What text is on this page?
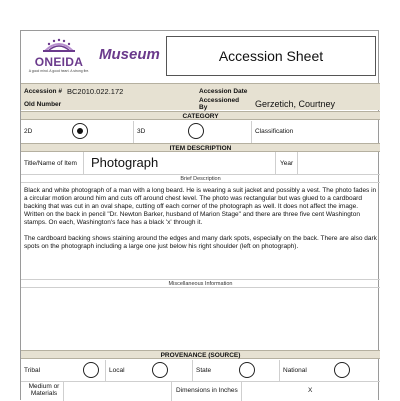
ONEIDA
A good mind. A good heart. A strong fire.
Museum	Accession Sheet
Accession # BC2010.022.172	Accession Date
Old Number
Accessioned By	Gerzetich, Courtney
CATEGORY
2D	3D	Classification
ITEM DESCRIPTION
Title/Name of Item Photograph	Year
Brief Description

Black and white photograph of a man with a long beard. He is wearing a suit jacket and possibly a vest. The photo fades in a circular motion around him and cuts off around chest level. The photo was rectangular but was glued to a cardboard backing that was cut in an oval shape, cutting off each corner of the photograph as well. It does not affect the image. Written on the back in pencil "Dr. Newton Barker, husband of Marion Stage" and there are three five cent Washington stamps. On each, Washington's face has a black 'x' through it.

The cardboard backing shows staining around the edges and many dark spots, especially on the back. There are also dark spots on the photograph including a large one just below his right shoulder (left on photograph).

Miscellaneous Information
PROVENANCE (SOURCE)
Tribal	Local	State	National
Medium or Materials	Dimensions in Inches	X
